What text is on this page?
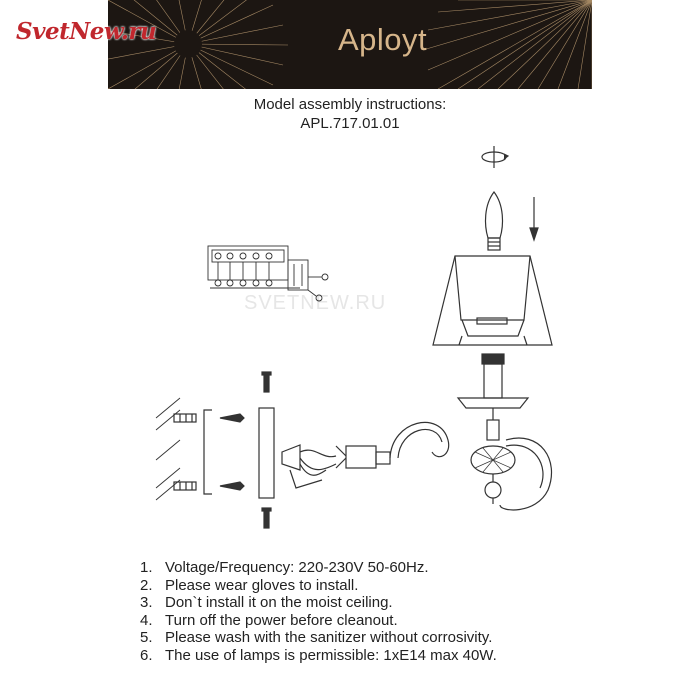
Aployt
SvetNew.ru
Model assembly instructions:
APL.717.01.01
SVETNEW.RU
1. Voltage/Frequency: 220-230V 50-60Hz.
2. Please wear gloves to install.
3. Don`t install it on the moist ceiling.
4. Turn off the power before cleanout.
5. Please wash with the sanitizer without corrosivity.
6. The use of lamps is permissible: 1xE14 max 40W.
